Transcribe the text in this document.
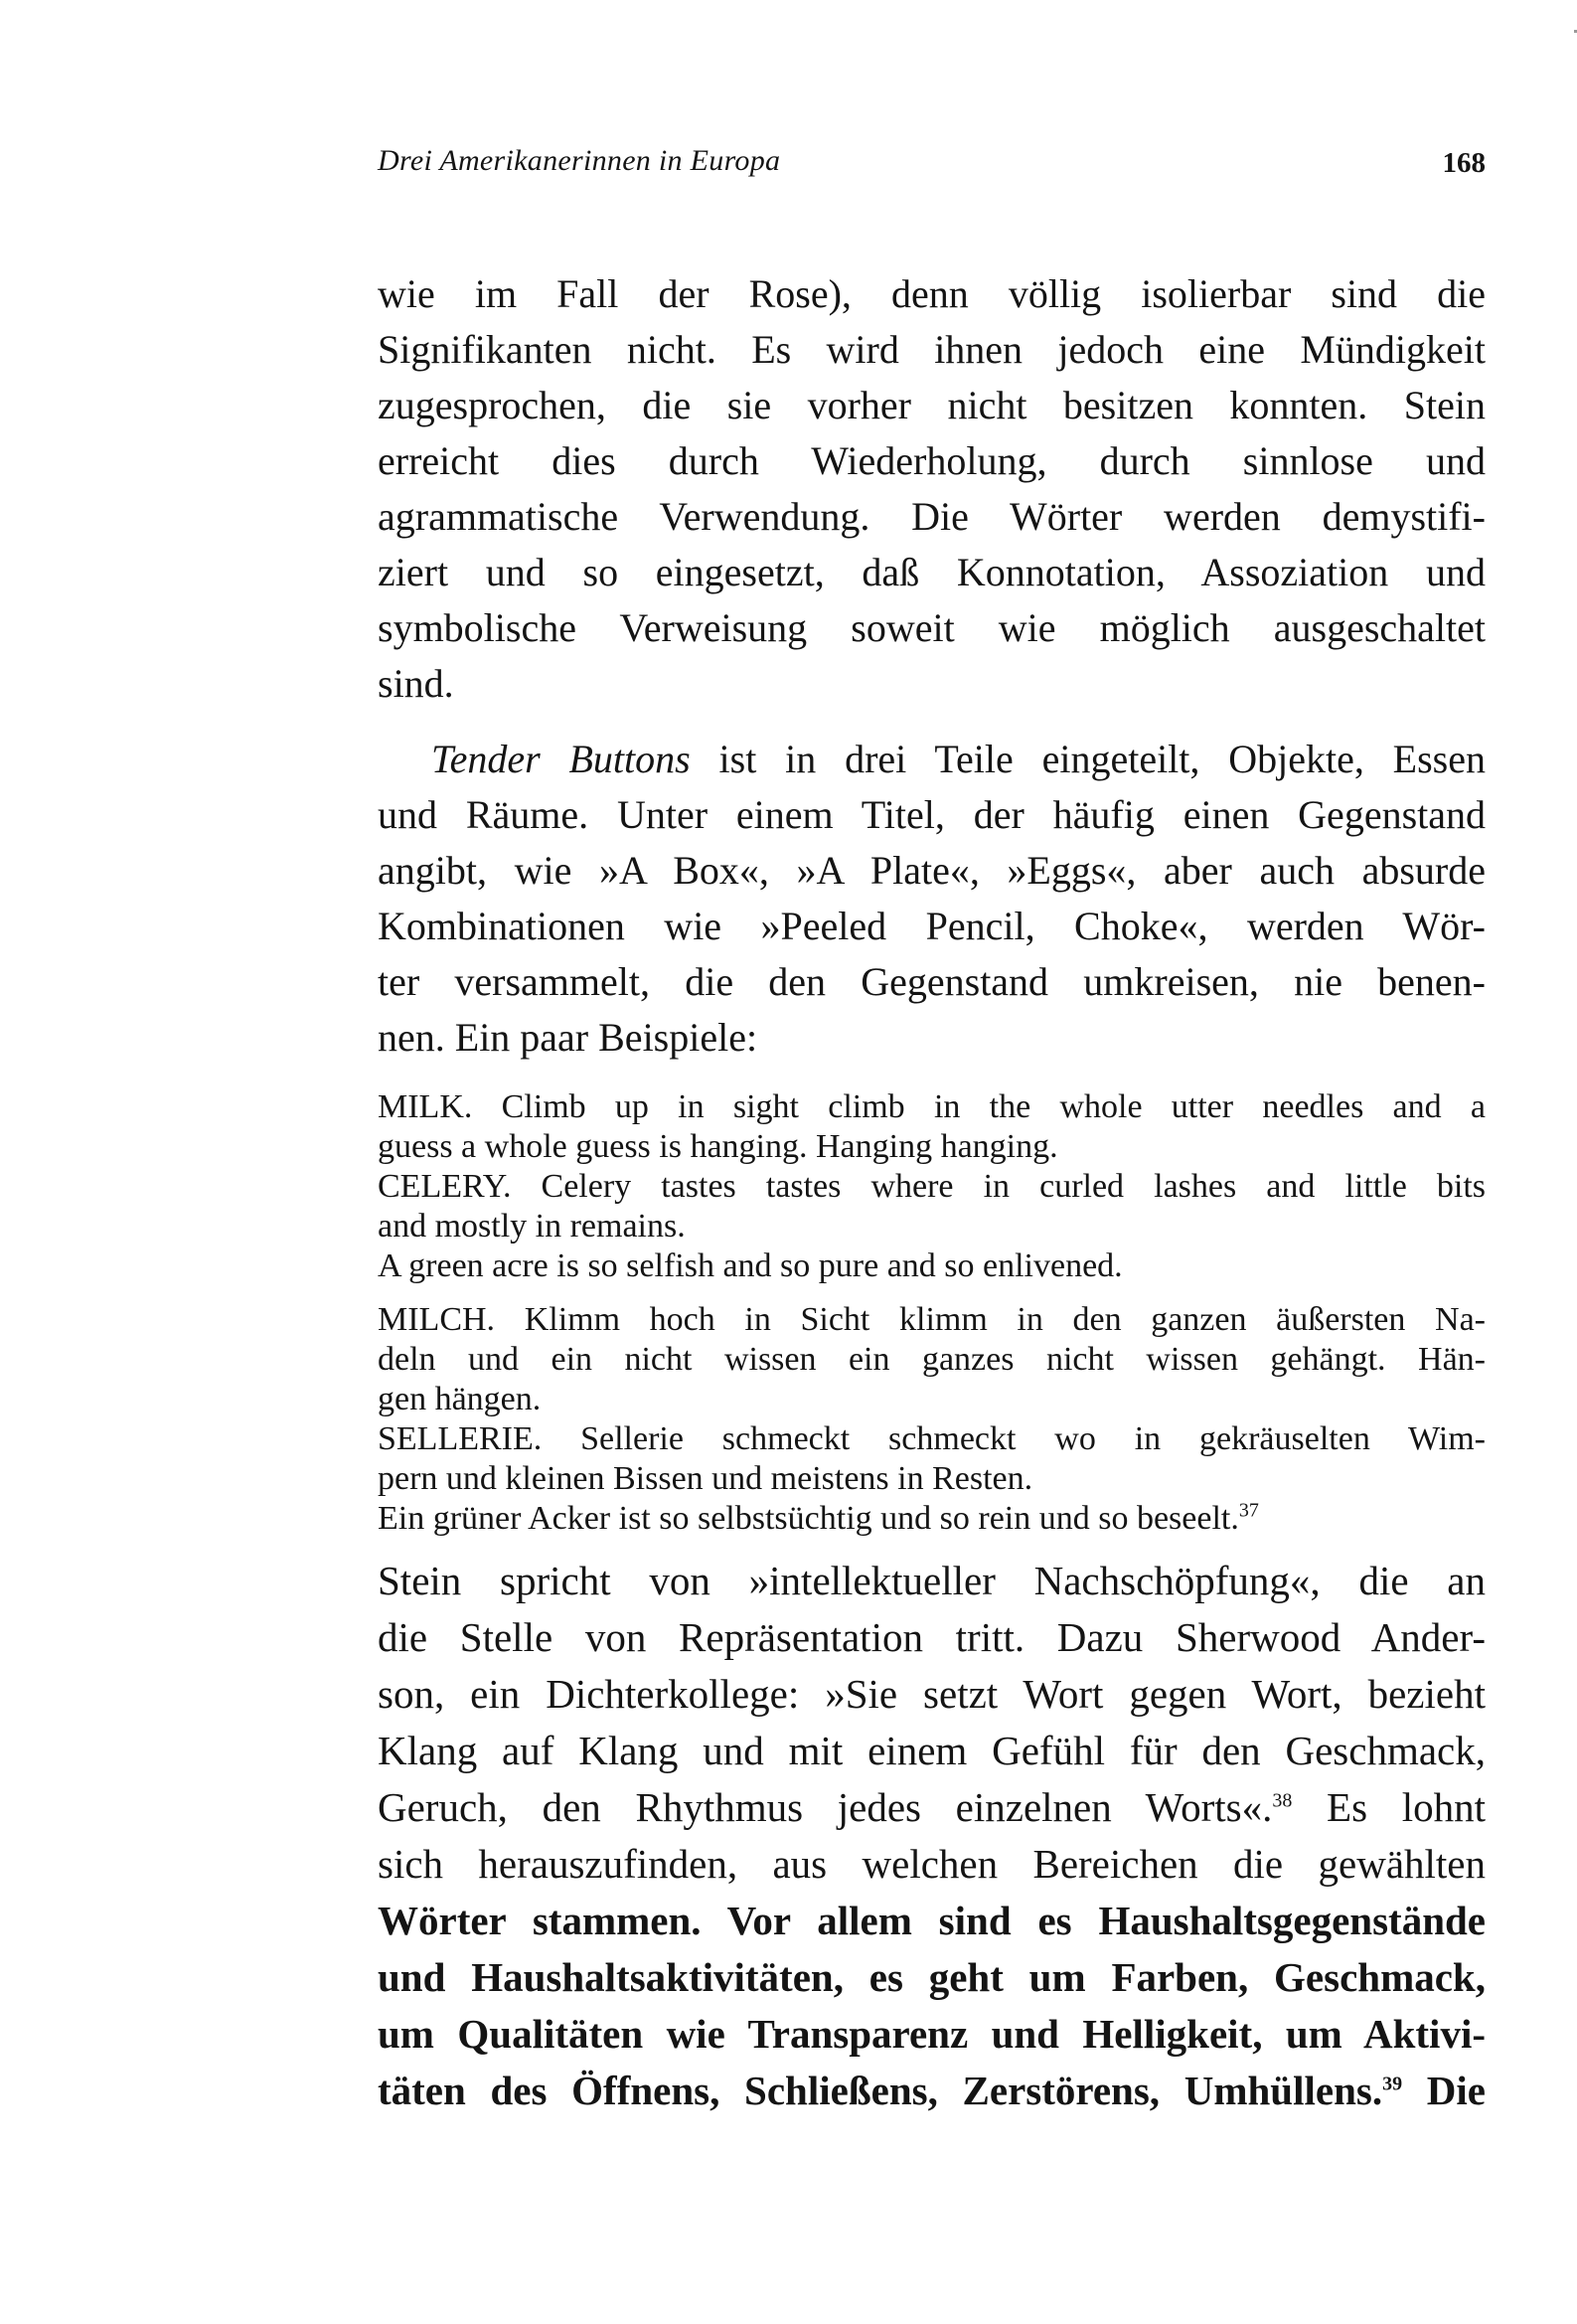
Drei Amerikanerinnen in Europa	168
wie im Fall der Rose), denn völlig isolierbar sind die
Signifikanten nicht. Es wird ihnen jedoch eine Mündigkeit
zugesprochen, die sie vorher nicht besitzen konnten. Stein
erreicht dies durch Wiederholung, durch sinnlose und
agrammatische Verwendung. Die Wörter werden demystifi-
ziert und so eingesetzt, daß Konnotation, Assoziation und
symbolische Verweisung soweit wie möglich ausgeschaltet
sind.
Tender Buttons ist in drei Teile eingeteilt, Objekte, Essen
und Räume. Unter einem Titel, der häufig einen Gegenstand
angibt, wie »A Box«, »A Plate«, »Eggs«, aber auch absurde
Kombinationen wie »Peeled Pencil, Choke«, werden Wör-
ter versammelt, die den Gegenstand umkreisen, nie benen-
nen. Ein paar Beispiele:
MILK. Climb up in sight climb in the whole utter needles and a
guess a whole guess is hanging. Hanging hanging.
CELERY. Celery tastes tastes where in curled lashes and little bits
and mostly in remains.
A green acre is so selfish and so pure and so enlivened.
MILCH. Klimm hoch in Sicht klimm in den ganzen äußersten Na-
deln und ein nicht wissen ein ganzes nicht wissen gehängt. Hän-
gen hängen.
SELLERIE. Sellerie schmeckt schmeckt wo in gekräuselten Wim-
pern und kleinen Bissen und meistens in Resten.
Ein grüner Acker ist so selbstsüchtig und so rein und so beseelt.$^{37}$
Stein spricht von »intellektueller Nachschöpfung«, die an
die Stelle von Repräsentation tritt. Dazu Sherwood Ander-
son, ein Dichterkollege: »Sie setzt Wort gegen Wort, bezieht
Klang auf Klang und mit einem Gefühl für den Geschmack,
Geruch, den Rhythmus jedes einzelnen Worts«.$^{38}$ Es lohnt
sich herauszufinden, aus welchen Bereichen die gewählten
Wörter stammen. Vor allem sind es Haushaltsgegenstände
und Haushaltsaktivitäten, es geht um Farben, Geschmack,
um Qualitäten wie Transparenz und Helligkeit, um Aktivi-
täten des Öffnens, Schließens, Zerstörens, Umhüllens.$^{39}$ Die
